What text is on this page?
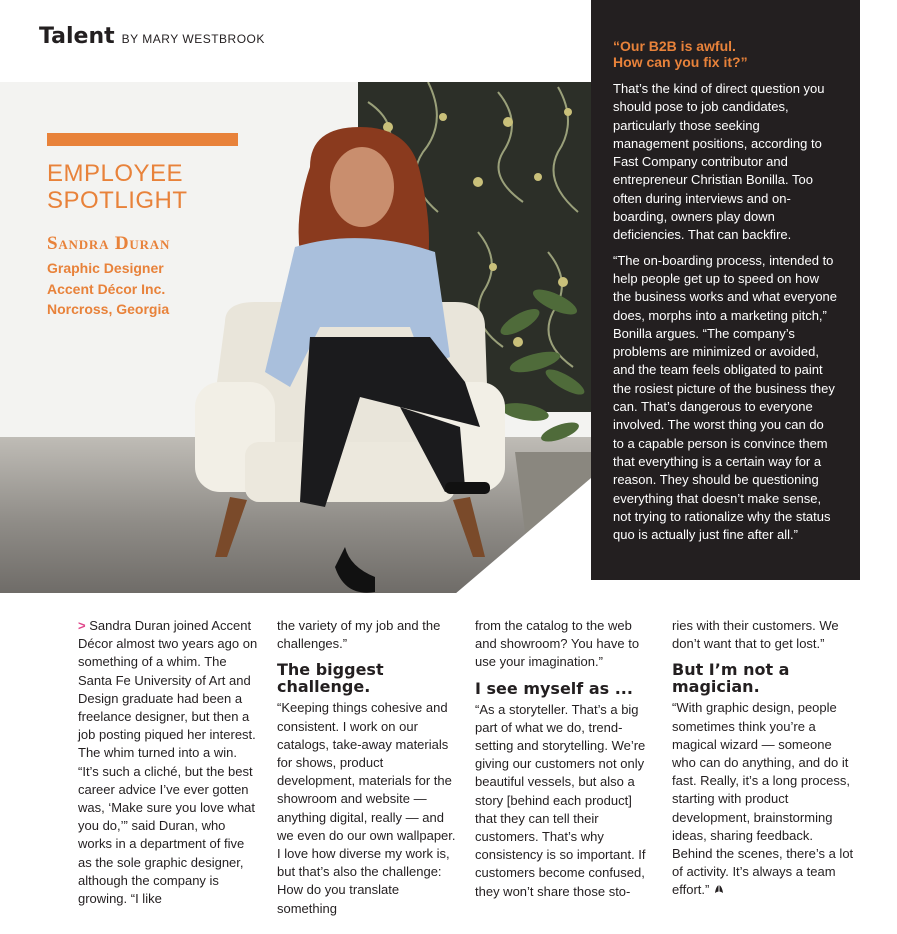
Talent BY MARY WESTBROOK
EMPLOYEE
SPOTLIGHT
Sandra Duran
Graphic Designer
Accent Décor Inc.
Norcross, Georgia
“Our B2B is awful.
How can you fix it?”

That’s the kind of direct question you should pose to job candidates, particularly those seeking management positions, according to Fast Company contributor and entrepreneur Christian Bonilla. Too often during interviews and on-boarding, owners play down deficiencies. That can backfire.

“The on-boarding process, intended to help people get up to speed on how the business works and what everyone does, morphs into a marketing pitch,” Bonilla argues. “The company’s problems are minimized or avoided, and the team feels obligated to paint the rosiest picture of the business they can. That’s dangerous to everyone involved. The worst thing you can do to a capable person is convince them that everything is a certain way for a reason. They should be questioning everything that doesn’t make sense, not trying to rationalize why the status quo is actually just fine after all.”

> Sandra Duran joined Accent Décor almost two years ago on something of a whim. The Santa Fe University of Art and Design graduate had been a freelance designer, but then a job posting piqued her interest. The whim turned into a win. “It’s such a cliché, but the best career advice I’ve ever gotten was, ‘Make sure you love what you do,’” said Duran, who works in a department of five as the sole graphic designer, although the company is growing. “I like

the variety of my job and the challenges.”

The biggest challenge.

“Keeping things cohesive and consistent. I work on our catalogs, take-away materials for shows, product development, materials for the showroom and website — anything digital, really — and we even do our own wallpaper. I love how diverse my work is, but that’s also the challenge: How do you translate something

from the catalog to the web and showroom? You have to use your imagination.”

I see myself as ...

“As a storyteller. That’s a big part of what we do, trend-setting and storytelling. We’re giving our customers not only beautiful vessels, but also a story [behind each product] that they can tell their customers. That’s why consistency is so important. If customers become confused, they won’t share those sto-

ries with their customers. We don’t want that to get lost.”

But I’m not a magician.

“With graphic design, people sometimes think you’re a magical wizard — someone who can do anything, and do it fast. Really, it’s a long process, starting with product development, brainstorming ideas, sharing feedback. Behind the scenes, there’s a lot of activity. It’s always a team effort.”
